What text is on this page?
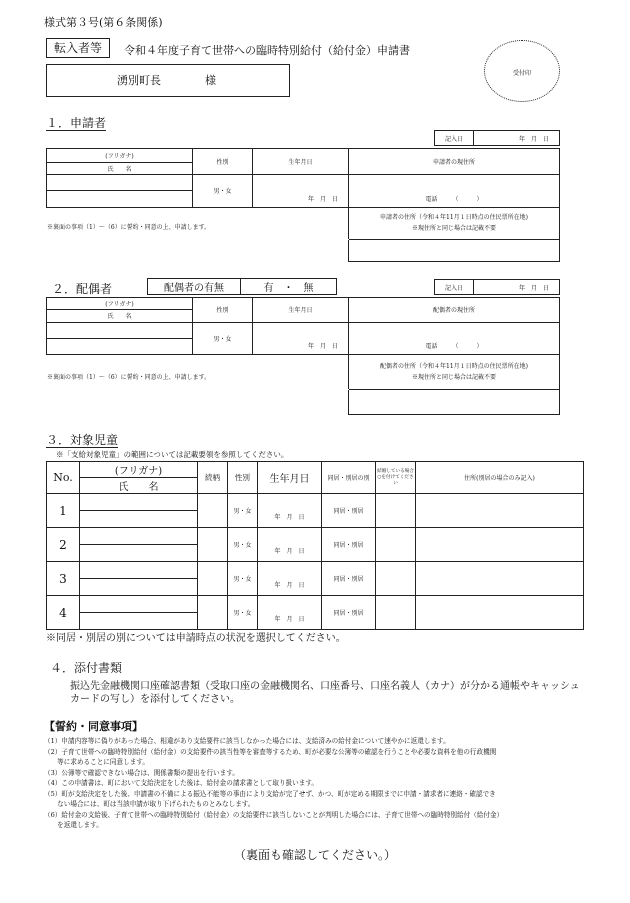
様式第３号(第６条関係)
転入者等	令和４年度子育て世帯への臨時特別給付（給付金）申請書
湧別町長　　　　様
受付印
１．申請者
記入日	年　月　日
(フリガナ)	性別	生年月日	申請者の現住所
氏　　名			
	男・女	年　月　日	電話　　　（　　　）

※裏面の事項（1）～（6）に誓約・同意の上、申請します。			申請者の住所（令和４年11月１日時点の住民票所在地)
※現住所と同じ場合は記載不要

２．配偶者	配偶者の有無	有　・　無	記入日	年　月　日
(フリガナ)	性別	生年月日	配偶者の現住所
氏　　名			
	男・女	年　月　日	電話　　　（　　　）

※裏面の事項（1）～（6）に誓約・同意の上、申請します。			配偶者の住所（令和４年11月１日時点の住民票所在地)
※現住所と同じ場合は記載不要

３．対象児童
※「支給対象児童」の範囲については記載要領を参照してください。
No.	(フリガナ)	続柄	性別	生年月日	同居・別居の別	結婚している場合○を付けてください	住所(別居の場合のみ記入)
	氏　　名						
1			男・女	年　月　日	同居・別居		

2			男・女	年　月　日	同居・別居		

3			男・女	年　月　日	同居・別居		

4			男・女	年　月　日	同居・別居		

※同居・別居の別については申請時点の状況を選択してください。
４．添付書類
振込先金融機関口座確認書類（受取口座の金融機関名、口座番号、口座名義人（カナ）が分かる通帳やキャッシュ
カードの写し）を添付してください。
【誓約・同意事項】
（1）申請内容等に偽りがあった場合、相違があり支給要件に該当しなかった場合には、支給済みの給付金について速やかに返還します。
（2）子育て世帯への臨時特別給付（給付金）の支給要件の該当性等を審査等するため、町が必要な公簿等の確認を行うことや必要な資料を他の行政機関
　　等に求めることに同意します。
（3）公簿等で確認できない場合は、関係書類の提出を行います。
（4）この申請書は、町において支給決定をした後は、給付金の請求書として取り扱います。
（5）町が支給決定をした後、申請書の不備による振込不能等の事由により支給が完了せず、かつ、町が定める期限までに申請・請求者に連絡・確認でき
　　ない場合には、町は当該申請が取り下げられたものとみなします。
（6）給付金の支給後、子育て世帯への臨時特別給付（給付金）の支給要件に該当しないことが判明した場合には、子育て世帯への臨時特別給付（給付金）
　　を返還します。
（裏面も確認してください。）
